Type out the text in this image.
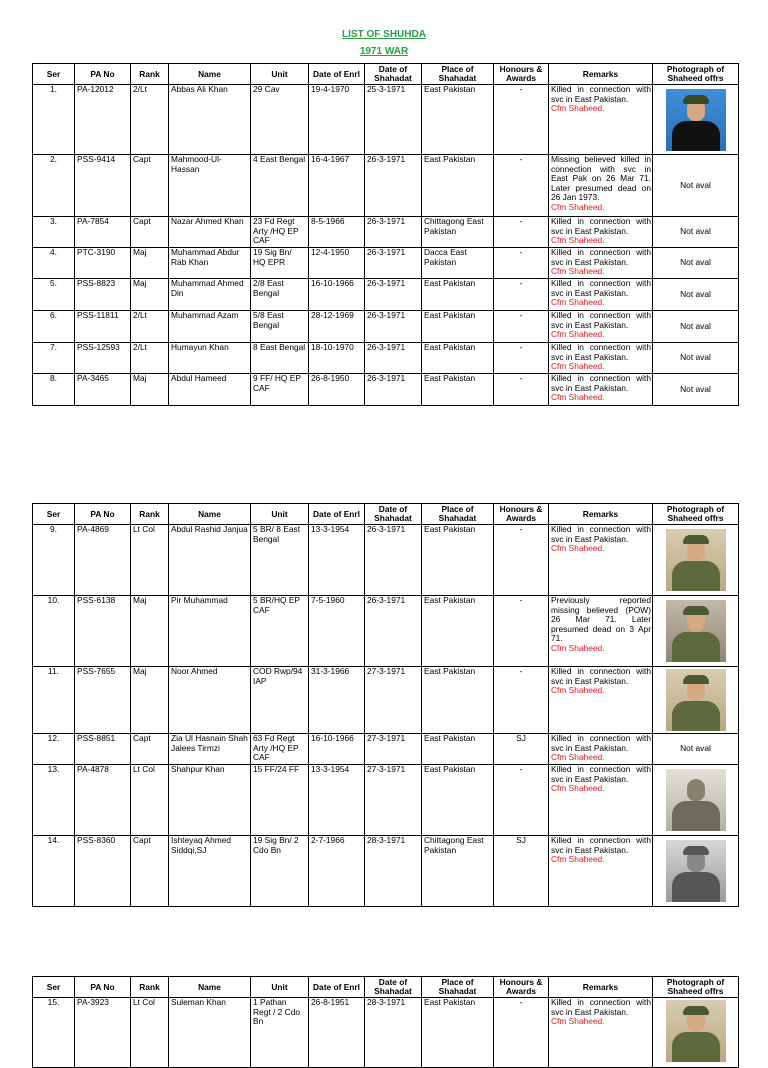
LIST OF SHUHDA
1971 WAR
Ser	PA No	Rank	Name	Unit	Date of Enrl	Date of Shahadat	Place of Shahadat	Honours & Awards	Remarks	Photograph of Shaheed offrs
1.	PA-12012	2/Lt	Abbas Ali Khan	29 Cav	19-4-1970	25-3-1971	East Pakistan	-	Killed in connection with svc in East Pakistan.
Cfm Shaheed.	

2.	PSS-9414	Capt	Mahmood-Ul-Hassan	4 East Bengal	16-4-1967	26-3-1971	East Pakistan	-	Missing believed killed in connection with svc in East Pak on 26 Mar 71. Later presumed dead on 26 Jan 1973.
Cfm Shaheed.	Not aval
3.	PA-7854	Capt	Nazar Ahmed Khan	23 Fd Regt Arty /HQ EP CAF	8-5-1966	26-3-1971	Chittagong East Pakistan	-	Killed in connection with svc in East Pakistan.
Cfm Shaheed.	Not aval
4.	PTC-3190	Maj	Muhammad Abdur Rab Khan	19 Sig Bn/ HQ EPR	12-4-1950	26-3-1971	Dacca East Pakistan	-	Killed in connection with svc in East Pakistan.
Cfm Shaheed.	Not aval
5.	PSS-8823	Maj	Muhammad Ahmed Din	2/8 East Bengal	16-10-1966	26-3-1971	East Pakistan	-	Killed in connection with svc in East Pakistan.
Cfm Shaheed.	Not aval
6.	PSS-11811	2/Lt	Muhammad Azam	5/8 East Bengal	28-12-1969	26-3-1971	East Pakistan	-	Killed in connection with svc in East Pakistan.
Cfm Shaheed.	Not aval
7.	PSS-12593	2/Lt	Humayun Khan	8 East Bengal	18-10-1970	26-3-1971	East Pakistan	-	Killed in connection with svc in East Pakistan.
Cfm Shaheed.	Not aval
8.	PA-3465	Maj	Abdul Hameed	9 FF/ HQ EP CAF	26-8-1950	26-3-1971	East Pakistan	-	Killed in connection with svc in East Pakistan.
Cfm Shaheed.	Not aval
Ser	PA No	Rank	Name	Unit	Date of Enrl	Date of Shahadat	Place of Shahadat	Honours & Awards	Remarks	Photograph of Shaheed offrs
9.	PA-4869	Lt Col	Abdul Rashid Janjua	5 BR/ 8 East Bengal	13-3-1954	26-3-1971	East Pakistan	-	Killed in connection with svc in East Pakistan.
Cfm Shaheed.	

10.	PSS-6138	Maj	Pir Muhammad	5 BR/HQ EP CAF	7-5-1960	26-3-1971	East Pakistan	-	Previously reported missing believed (POW) 26 Mar 71. Later presumed dead on 3 Apr 71.
Cfm Shaheed.	

11.	PSS-7655	Maj	Noor Ahmed	COD Rwp/94 IAP	31-3-1966	27-3-1971	East Pakistan	-	Killed in connection with svc in East Pakistan.
Cfm Shaheed.	

12.	PSS-8851	Capt	Zia Ul Hasnain Shah Jalees Tirmzi	63 Fd Regt Arty /HQ EP CAF	16-10-1966	27-3-1971	East Pakistan	SJ	Killed in connection with svc in East Pakistan.
Cfm Shaheed.	Not aval
13.	PA-4878	Lt Col	Shahpur Khan	15 FF/24 FF	13-3-1954	27-3-1971	East Pakistan	-	Killed in connection with svc in East Pakistan.
Cfm Shaheed.	

14.	PSS-8360	Capt	Ishteyaq Ahmed Siddqi,SJ	19 Sig Bn/ 2 Cdo Bn	2-7-1966	28-3-1971	Chittagong East Pakistan	SJ	Killed in connection with svc in East Pakistan.
Cfm Shaheed.	

Ser	PA No	Rank	Name	Unit	Date of Enrl	Date of Shahadat	Place of Shahadat	Honours & Awards	Remarks	Photograph of Shaheed offrs
15.	PA-3923	Lt Col	Suleman Khan	1 Pathan Regt / 2 Cdo Bn	26-8-1951	28-3-1971	East Pakistan	-	Killed in connection with svc in East Pakistan.
Cfm Shaheed.	
